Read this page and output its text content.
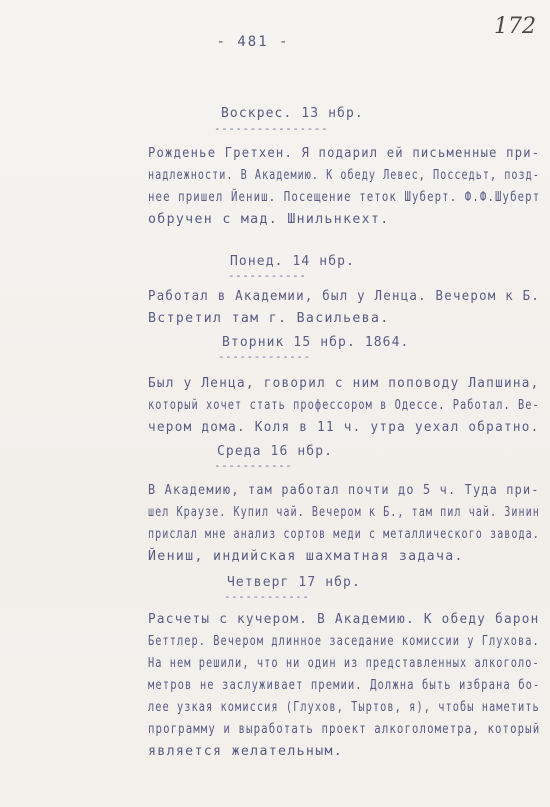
- 481 -
172
Воскрес. 13 нбр.
----------------
Рожденье Гретхен. Я подарил ей письменные при-
надлежности. В Академию. К обеду Левес, Посседьт, позд-
нее пришел Йениш. Посещение теток Шуберт. Ф.Ф.Шуберт
обручен с мад. Шнильнкехт.
Понед. 14 нбр.
-----------
Работал в Академии, был у Ленца. Вечером к Б.
Встретил там г. Васильева.
Вторник 15 нбр. 1864.
-------------
Был у Ленца, говорил с ним поповоду Лапшина,
который хочет стать профессором в Одессе. Работал. Ве-
чером дома. Коля в 11 ч. утра уехал обратно.
Среда 16 нбр.
-----------
В Академию, там работал почти до 5 ч. Туда при-
шел Краузе. Купил чай. Вечером к Б., там пил чай. Зинин
прислал мне анализ сортов меди с металлического завода.
Йениш, индийская шахматная задача.
Четверг 17 нбр.
------------
Расчеты с кучером. В Академию. К обеду барон
Беттлер. Вечером длинное заседание комиссии у Глухова.
На нем решили, что ни один из представленных алкоголо-
метров не заслуживает премии. Должна быть избрана бо-
лее узкая комиссия (Глухов, Тыртов, я), чтобы наметить
программу и выработать проект алкоголометра, который
является желательным.
